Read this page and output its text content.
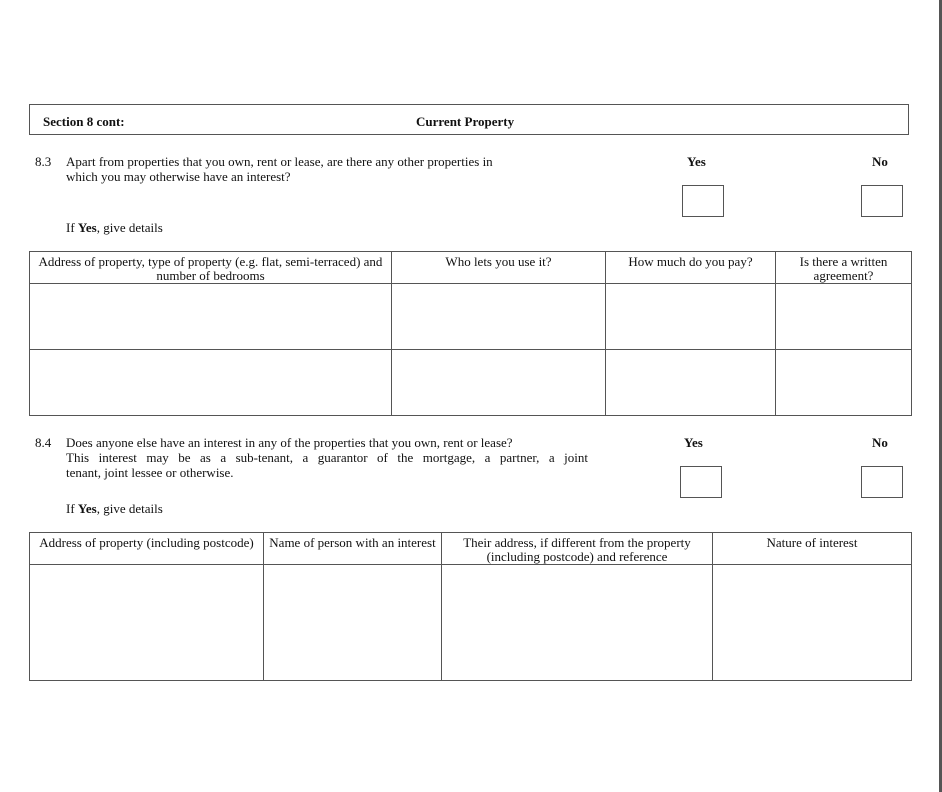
Section 8 cont:	Current Property
8.3 Apart from properties that you own, rent or lease, are there any other properties in
which you may otherwise have an interest?
Yes	No
If Yes, give details
Address of property, type of property (e.g. flat, semi-terraced) and number of bedrooms	Who lets you use it?	How much do you pay?	Is there a written agreement?

8.4 Does anyone else have an interest in any of the properties that you own, rent or lease?
This interest may be as a sub-tenant, a guarantor of the mortgage, a partner, a joint
tenant, joint lessee or otherwise.
Yes	No
If Yes, give details
Address of property (including postcode)	Name of person with an interest	Their address, if different from the property (including postcode) and reference	Nature of interest
